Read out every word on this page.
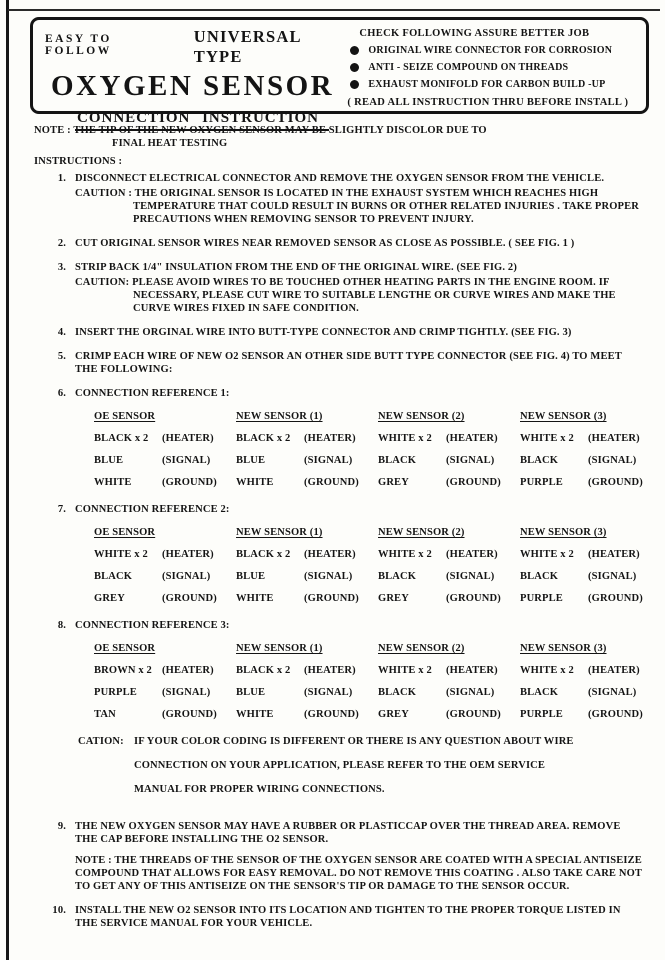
EASY TO FOLLOW
UNIVERSAL TYPE
OXYGEN SENSOR
CONNECTION INSTRUCTION
CHECK FOLLOWING ASSURE BETTER JOB
ORIGINAL WIRE CONNECTOR FOR CORROSION
ANTI - SEIZE COMPOUND ON THREADS
EXHAUST MONIFOLD FOR CARBON BUILD -UP
( READ ALL INSTRUCTION THRU BEFORE INSTALL )
NOTE : THE TIP OF THE NEW OXYGEN SENSOR MAY BE SLIGHTLY DISCOLOR DUE TO
FINAL HEAT TESTING
INSTRUCTIONS :
1. DISCONNECT ELECTRICAL CONNECTOR AND REMOVE THE OXYGEN SENSOR FROM THE VEHICLE.
CAUTION : THE ORIGINAL SENSOR IS LOCATED IN THE EXHAUST SYSTEM WHICH REACHES HIGH TEMPERATURE THAT COULD RESULT IN BURNS OR OTHER RELATED INJURIES . TAKE PROPER PRECAUTIONS WHEN REMOVING SENSOR TO PREVENT INJURY.
2. CUT ORIGINAL SENSOR WIRES NEAR REMOVED SENSOR AS CLOSE AS POSSIBLE. ( SEE FIG. 1 )
3. STRIP BACK 1/4" INSULATION FROM THE END OF THE ORIGINAL WIRE. (SEE FIG. 2)
CAUTION: PLEASE AVOID WIRES TO BE TOUCHED OTHER HEATING PARTS IN THE ENGINE ROOM. IF NECESSARY, PLEASE CUT WIRE TO SUITABLE LENGTHE OR CURVE WIRES AND MAKE THE CURVE WIRES FIXED IN SAFE CONDITION.
4. INSERT THE ORGINAL WIRE INTO BUTT-TYPE CONNECTOR AND CRIMP TIGHTLY. (SEE FIG. 3)
5. CRIMP EACH WIRE OF NEW O2 SENSOR AN OTHER SIDE BUTT TYPE CONNECTOR (SEE FIG. 4) TO MEET THE FOLLOWING:
6. CONNECTION REFERENCE 1:
OE SENSOR	NEW SENSOR (1)	NEW SENSOR (2)	NEW SENSOR (3)
BLACK x 2 (HEATER)	BLACK x 2 (HEATER)	WHITE x 2 (HEATER)	WHITE x 2 (HEATER)
BLUE	(SIGNAL)	BLUE	(SIGNAL)	BLACK	(SIGNAL)	BLACK	(SIGNAL)
WHITE	(GROUND)	WHITE	(GROUND)	GREY	(GROUND)	PURPLE (GROUND)
7. CONNECTION REFERENCE 2:
OE SENSOR	NEW SENSOR (1)	NEW SENSOR (2)	NEW SENSOR (3)
WHITE x 2 (HEATER)	BLACK x 2 (HEATER)	WHITE x 2 (HEATER)	WHITE x 2 (HEATER)
BLACK	(SIGNAL)	BLUE	(SIGNAL)	BLACK	(SIGNAL)	BLACK	(SIGNAL)
GREY	(GROUND)	WHITE	(GROUND)	GREY	(GROUND)	PURPLE (GROUND)
8. CONNECTION REFERENCE 3:
OE SENSOR	NEW SENSOR (1)	NEW SENSOR (2)	NEW SENSOR (3)
BROWN x 2 (HEATER)	BLACK x 2 (HEATER)	WHITE x 2 (HEATER)	WHITE x 2 (HEATER)
PURPLE (SIGNAL)	BLUE	(SIGNAL)	BLACK	(SIGNAL)	BLACK	(SIGNAL)
TAN	(GROUND)	WHITE	(GROUND)	GREY	(GROUND)	PURPLE (GROUND)
CATION: IF YOUR COLOR CODING IS DIFFERENT OR THERE IS ANY QUESTION ABOUT WIRE
CONNECTION ON YOUR APPLICATION, PLEASE REFER TO THE OEM SERVICE
MANUAL FOR PROPER WIRING CONNECTIONS.
9. THE NEW OXYGEN SENSOR MAY HAVE A RUBBER OR PLASTICCAP OVER THE THREAD AREA. REMOVE THE CAP BEFORE INSTALLING THE O2 SENSOR.
NOTE : THE THREADS OF THE SENSOR OF THE OXYGEN SENSOR ARE COATED WITH A SPECIAL ANTISEIZE COMPOUND THAT ALLOWS FOR EASY REMOVAL. DO NOT REMOVE THIS COATING . ALSO TAKE CARE NOT TO GET ANY OF THIS ANTISEIZE ON THE SENSOR'S TIP OR DAMAGE TO THE SENSOR OCCUR.
10. INSTALL THE NEW O2 SENSOR INTO ITS LOCATION AND TIGHTEN TO THE PROPER TORQUE LISTED IN THE SERVICE MANUAL FOR YOUR VEHICLE.
